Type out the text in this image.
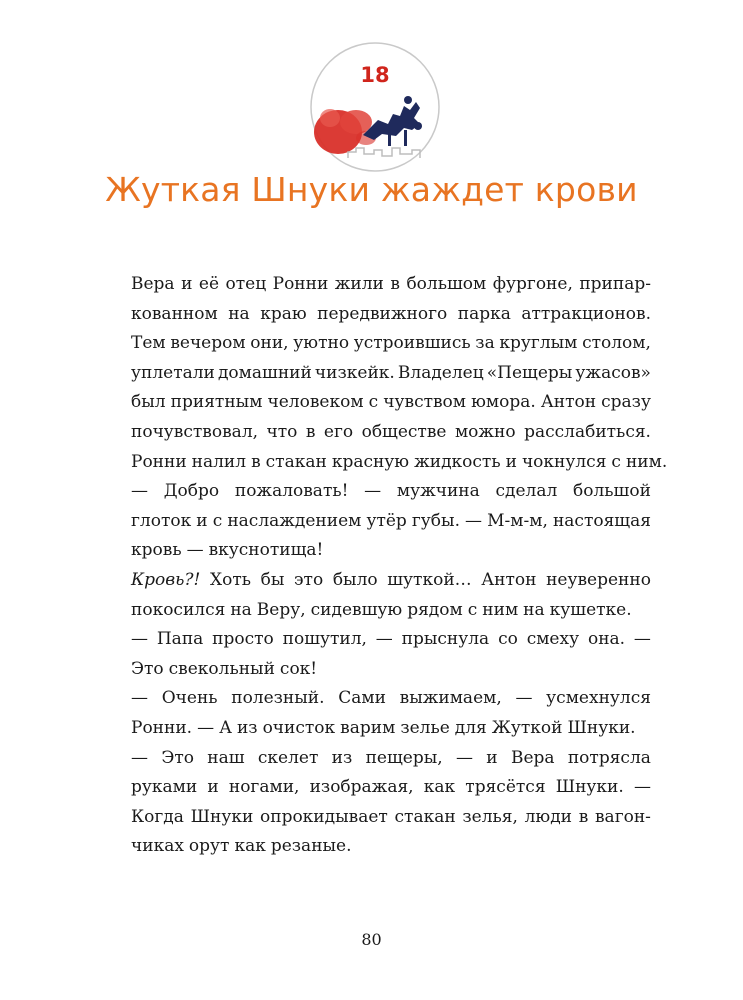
18
Жуткая Шнуки жаждет крови
Вера и её отец Ронни жили в большом фургоне, припар-
кованном на краю передвижного парка аттракционов.
Тем вечером они, уютно устроившись за круглым столом,
уплетали домашний чизкейк. Владелец «Пещеры ужасов»
был приятным человеком с чувством юмора. Антон сразу
почувствовал, что в его обществе можно расслабиться.
Ронни налил в стакан красную жидкость и чокнулся с ним.
— Добро пожаловать! — мужчина сделал большой
глоток и с наслаждением утёр губы. — М-м-м, настоящая
кровь — вкуснотища!
Кровь?! Хоть бы это было шуткой… Антон неуверенно
покосился на Веру, сидевшую рядом с ним на кушетке.
— Папа просто пошутил, — прыснула со смеху она. —
Это свекольный сок!
— Очень полезный. Сами выжимаем, — усмехнулся
Ронни. — А из очисток варим зелье для Жуткой Шнуки.
— Это наш скелет из пещеры, — и Вера потрясла
руками и ногами, изображая, как трясётся Шнуки. —
Когда Шнуки опрокидывает стакан зелья, люди в вагон-
чиках орут как резаные.
80
